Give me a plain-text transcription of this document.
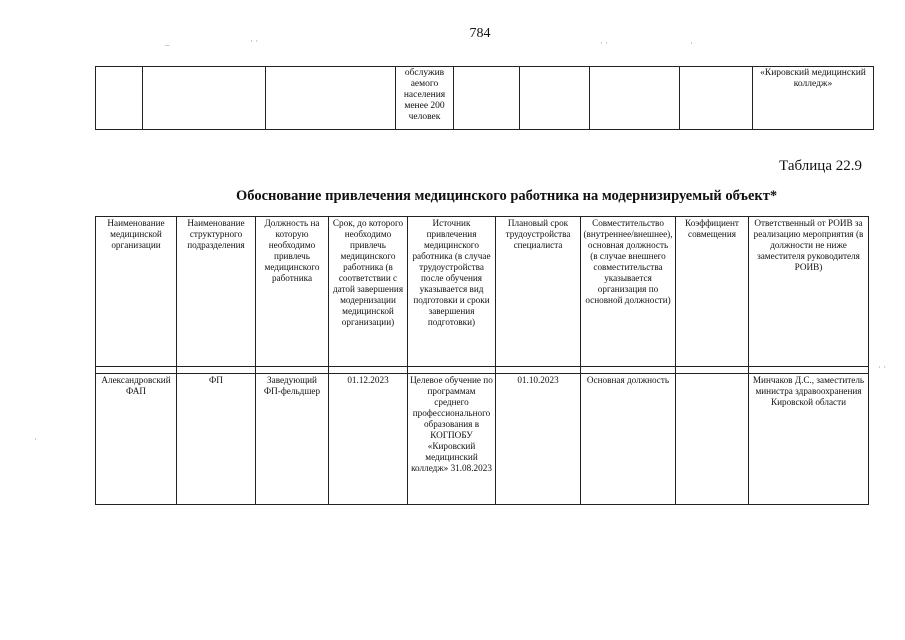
784
–	· ·	· ·	·
· ·
·
			обслужив аемого населения менее 200 человек					«Кировский медицинский колледж»
Таблица 22.9
Обоснование привлечения медицинского работника на модернизируемый объект*
Наименование медицинской организации	Наименование структурного подразделения	Должность на которую необходимо привлечь медицинского работника	Срок, до которого необходимо привлечь медицинского работника (в соответствии с датой завершения модернизации медицинской организации)	Источник привлечения медицинского работника (в случае трудоустройства после обучения указывается вид подготовки и сроки завершения подготовки)	Плановый срок трудоустройства специалиста	Совместительство (внутреннее/внешнее), основная должность (в случае внешнего совместительства указывается организация по основной должности)	Коэффициент совмещения	Ответственный от РОИВ за реализацию мероприятия (в должности не ниже заместителя руководителя РОИВ)

Александровский ФАП	ФП	Заведующий ФП-фельдшер	01.12.2023	Целевое обучение по программам среднего профессионального образования в КОГПОБУ «Кировский медицинский колледж» 31.08.2023	01.10.2023	Основная должность		Минчаков Д.С., заместитель министра здравоохранения Кировской области
